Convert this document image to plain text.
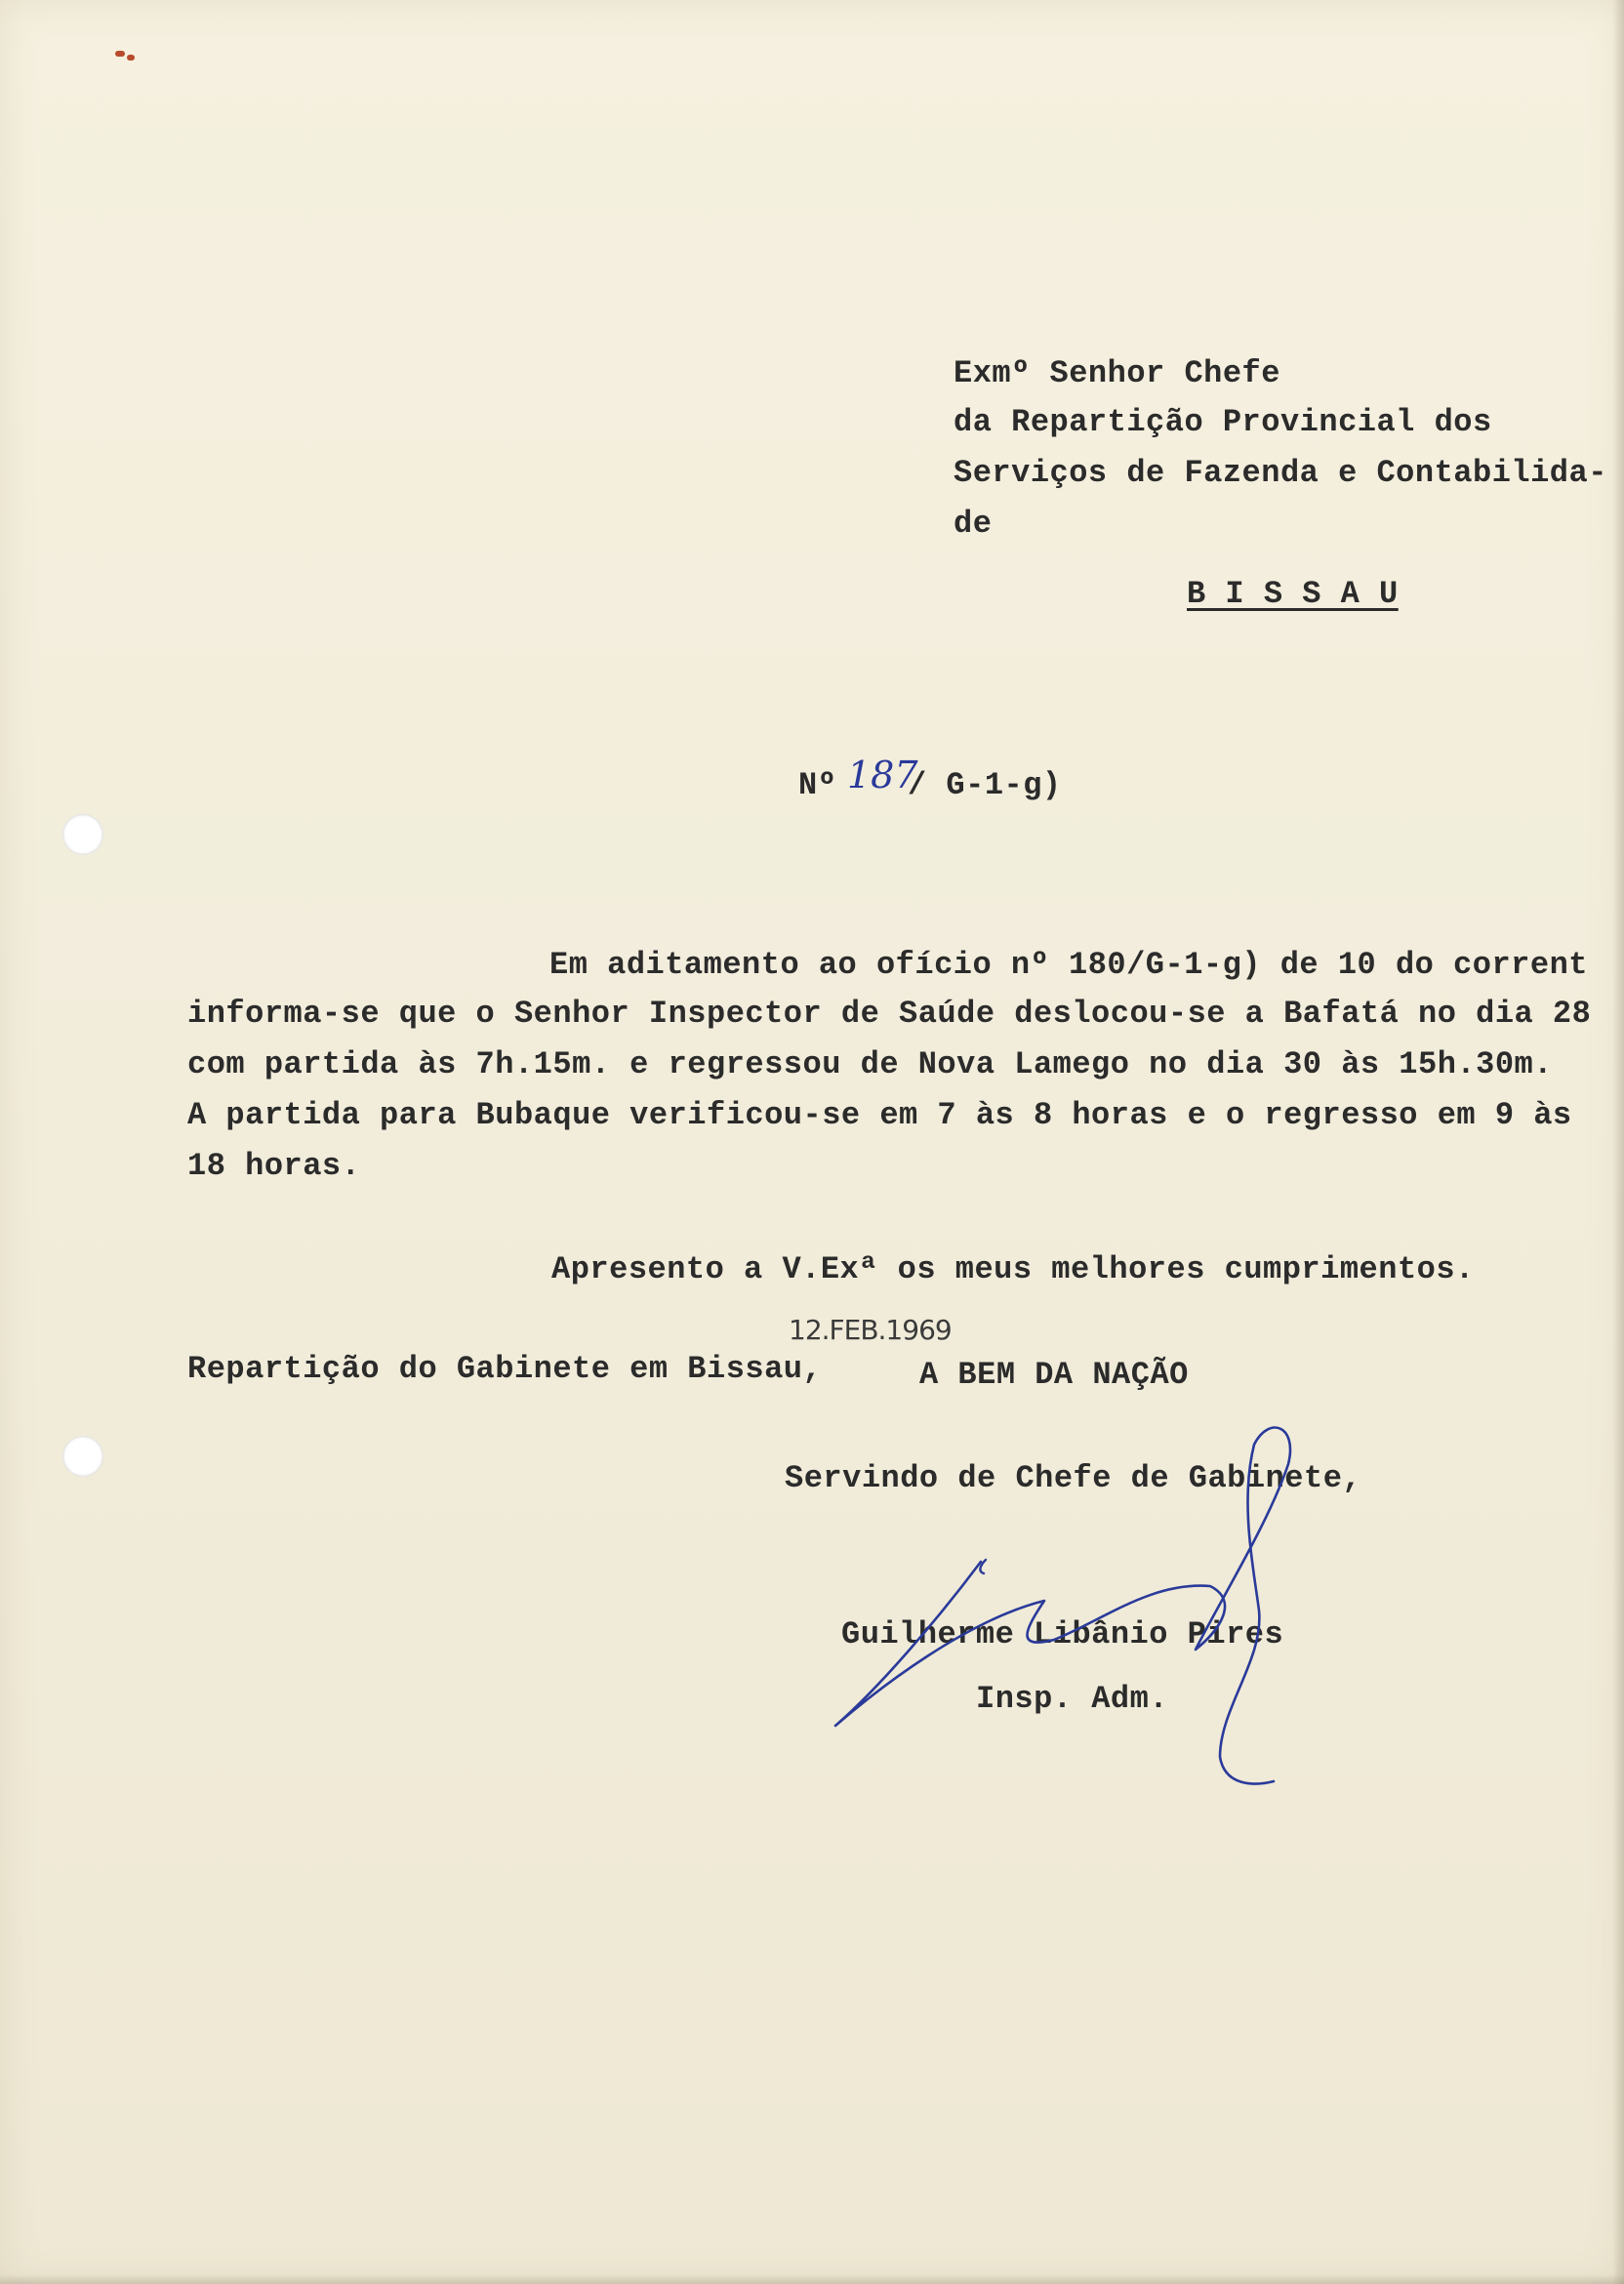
Exmº Senhor Chefe
da Repartição Provincial dos
Serviços de Fazenda e Contabilida-
de
B I S S A U
Nº 187
/ G-1-g)
Em aditamento ao ofício nº 180/G-1-g) de 10 do corrent
informa-se que o Senhor Inspector de Saúde deslocou-se a Bafatá no dia 28
com partida às 7h.15m. e regressou de Nova Lamego no dia 30 às 15h.30m.
A partida para Bubaque verificou-se em 7 às 8 horas e o regresso em 9 às
18 horas.
Apresento a V.Exª os meus melhores cumprimentos.
12.FEB.1969
Repartição do Gabinete em Bissau,	A BEM DA NAÇÃO
Servindo de Chefe de Gabinete,
Guilherme Libânio Pires
Insp. Adm.
